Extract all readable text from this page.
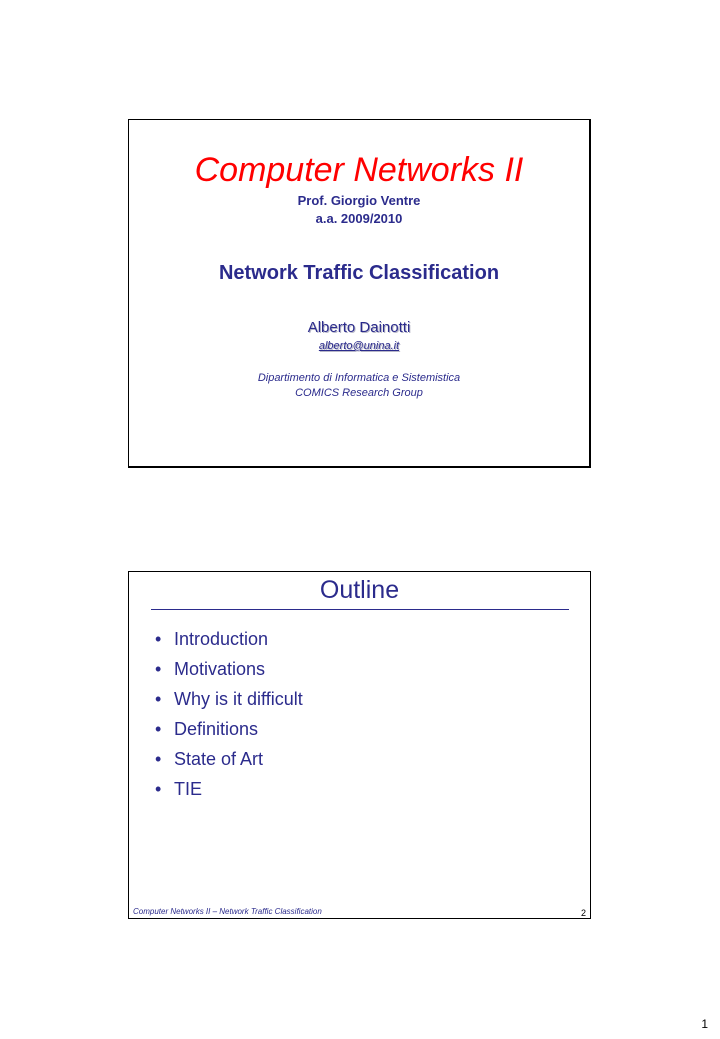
Computer Networks II
Prof. Giorgio Ventre
a.a. 2009/2010
Network Traffic Classification
Alberto Dainotti
alberto@unina.it
Dipartimento di Informatica e Sistemistica
COMICS Research Group
Outline
• Introduction
• Motivations
• Why is it difficult
• Definitions
• State of Art
• TIE
Computer Networks II – Network Traffic Classification	2
1
